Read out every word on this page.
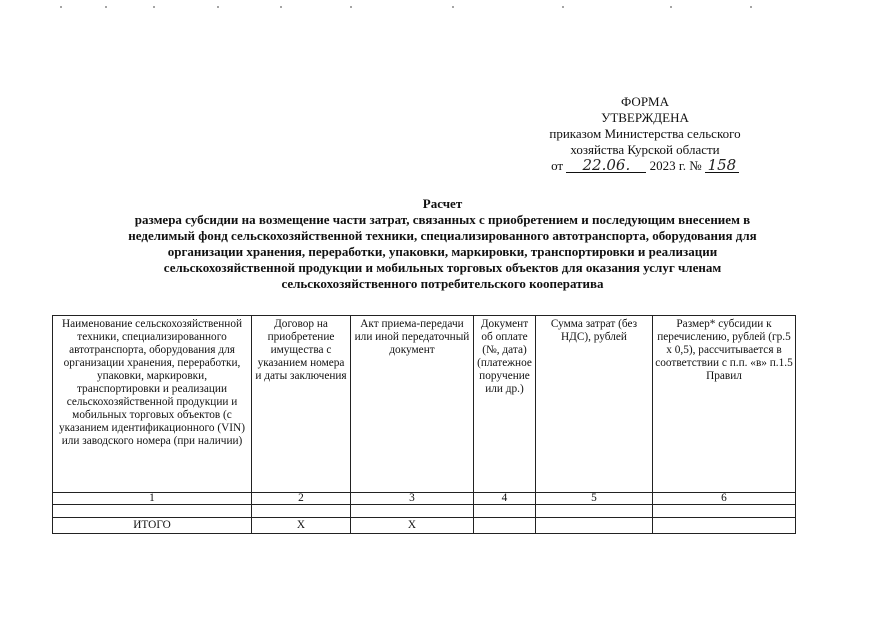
ФОРМА
УТВЕРЖДЕНА
приказом Министерства сельского
хозяйства Курской области
от 22.06. 2023 г. № 158
Расчет
размера субсидии на возмещение части затрат, связанных с приобретением и последующим внесением в
неделимый фонд сельскохозяйственной техники, специализированного автотранспорта, оборудования для
организации хранения, переработки, упаковки, маркировки, транспортировки и реализации
сельскохозяйственной продукции и мобильных торговых объектов для оказания услуг членам
сельскохозяйственного потребительского кооператива
Наименование сельскохозяйственной техники, специализированного автотранспорта, оборудования для организации хранения, переработки, упаковки, маркировки, транспортировки и реализации сельскохозяйственной продукции и мобильных торговых объектов (с указанием идентификационного (VIN) или заводского номера (при наличии)	Договор на приобретение имущества с указанием номера и даты заключения	Акт приема-передачи или иной передаточный документ	Документ об оплате (№, дата) (платежное поручение или др.)	Сумма затрат (без НДС), рублей	Размер* субсидии к перечислению, рублей (гр.5 х 0,5), рассчитывается в соответствии с п.п. «в» п.1.5 Правил
1	2	3	4	5	6

ИТОГО	Х	Х			
